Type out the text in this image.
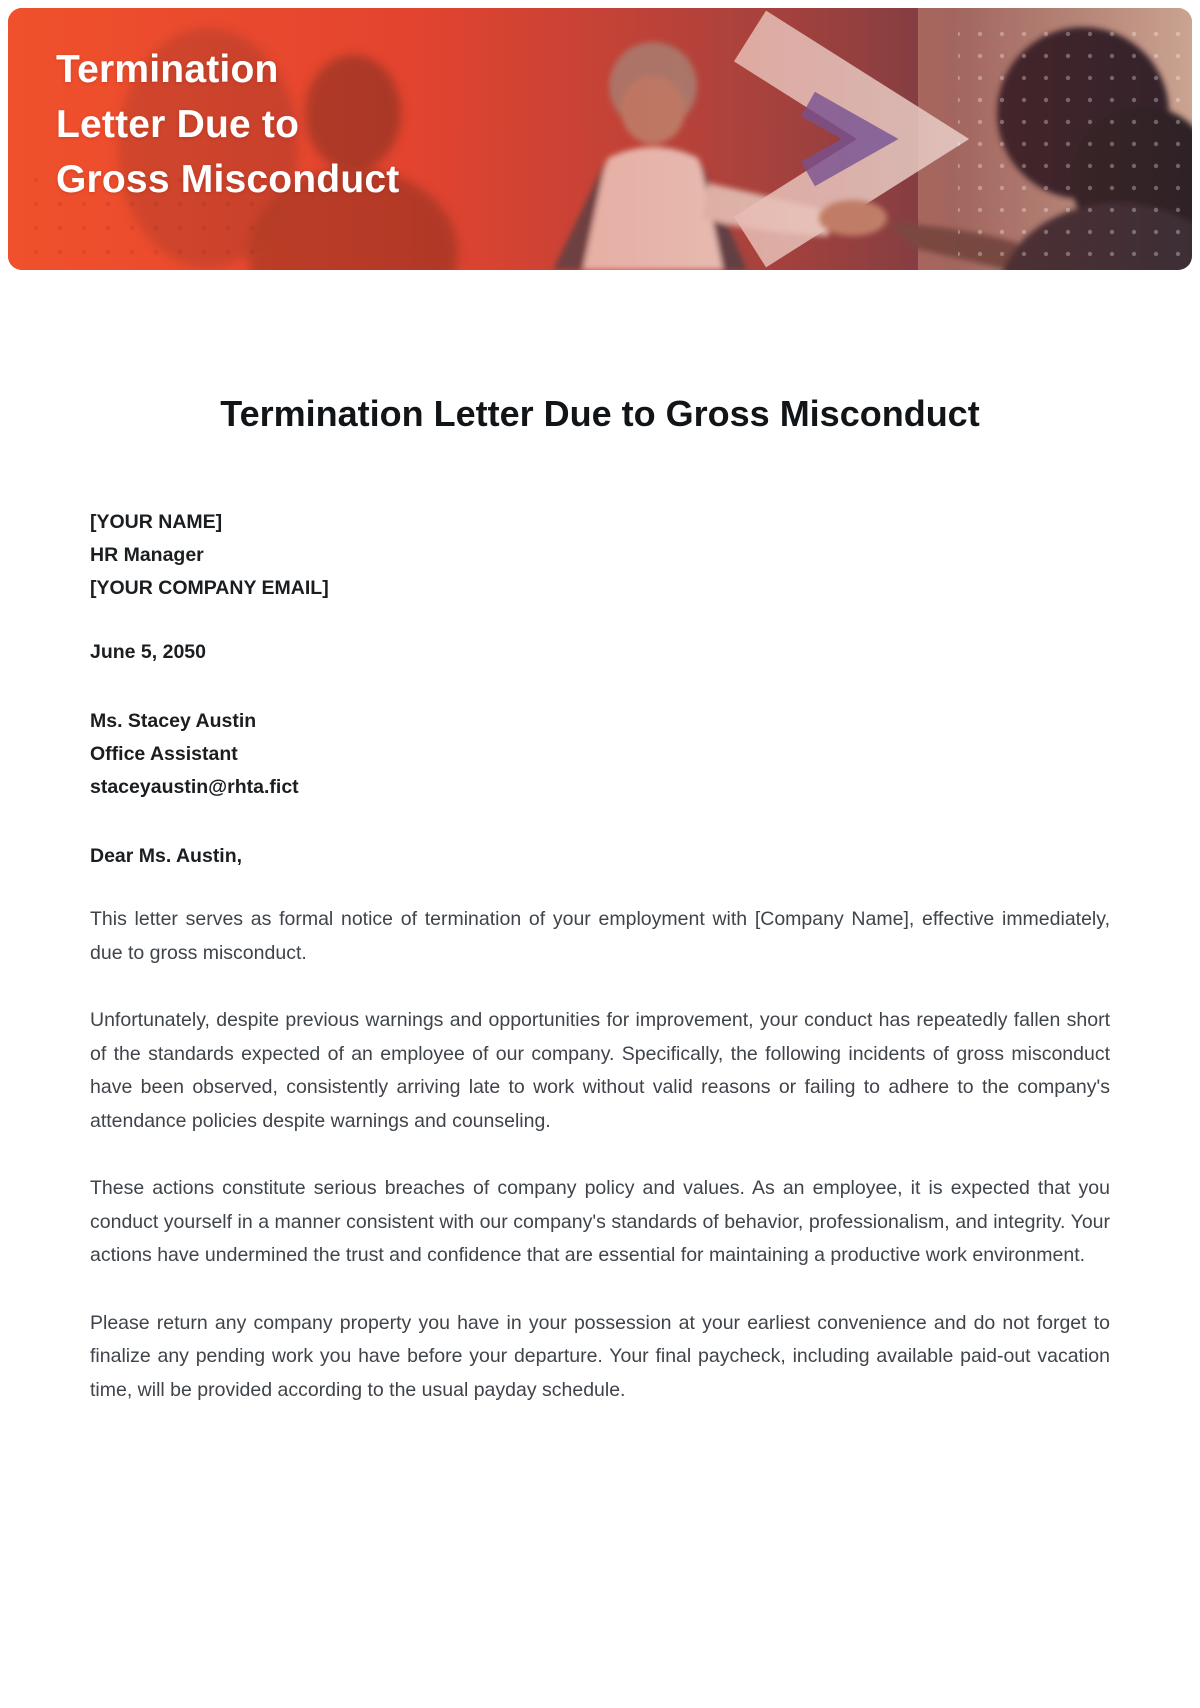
Termination
Letter Due to
Gross Misconduct
Termination Letter Due to Gross Misconduct
[YOUR NAME]
HR Manager
[YOUR COMPANY EMAIL]
June 5, 2050
Ms. Stacey Austin
Office Assistant
staceyaustin@rhta.fict
Dear Ms. Austin,

This letter serves as formal notice of termination of your employment with [Company Name], effective immediately, due to gross misconduct.

Unfortunately, despite previous warnings and opportunities for improvement, your conduct has repeatedly fallen short of the standards expected of an employee of our company. Specifically, the following incidents of gross misconduct have been observed, consistently arriving late to work without valid reasons or failing to adhere to the company's attendance policies despite warnings and counseling.

These actions constitute serious breaches of company policy and values. As an employee, it is expected that you conduct yourself in a manner consistent with our company's standards of behavior, professionalism, and integrity. Your actions have undermined the trust and confidence that are essential for maintaining a productive work environment.

Please return any company property you have in your possession at your earliest convenience and do not forget to finalize any pending work you have before your departure. Your final paycheck, including available paid-out vacation time, will be provided according to the usual payday schedule.
